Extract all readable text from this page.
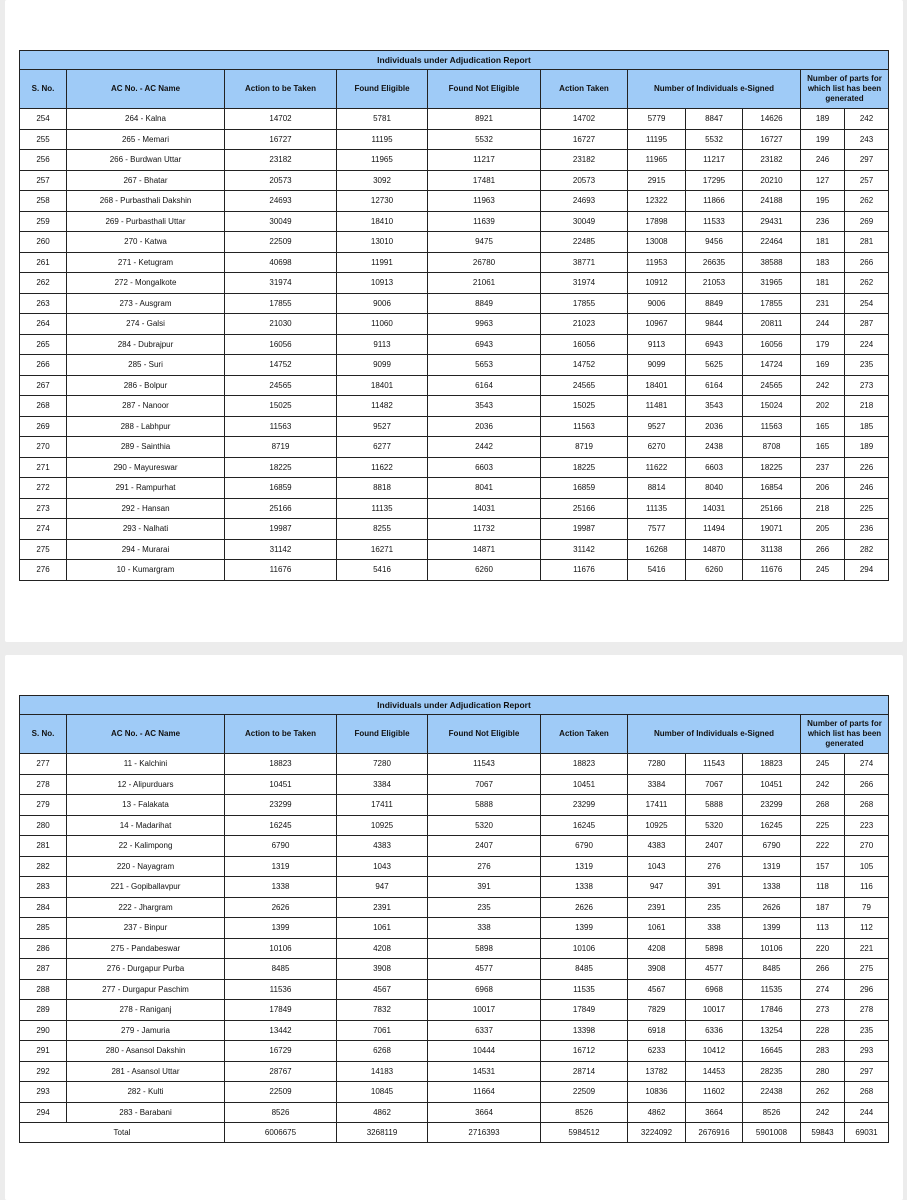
Individuals under Adjudication Report										
S. No.	AC No. - AC Name	Action to be Taken	Found Eligible	Found Not Eligible	Action Taken	Number of Individuals e-Signed			Number of parts for which list has been generated	
254	264 - Kalna	14702	5781	8921	14702	5779	8847	14626	189	242
255	265 - Memari	16727	11195	5532	16727	11195	5532	16727	199	243
256	266 - Burdwan Uttar	23182	11965	11217	23182	11965	11217	23182	246	297
257	267 - Bhatar	20573	3092	17481	20573	2915	17295	20210	127	257
258	268 - Purbasthali Dakshin	24693	12730	11963	24693	12322	11866	24188	195	262
259	269 - Purbasthali Uttar	30049	18410	11639	30049	17898	11533	29431	236	269
260	270 - Katwa	22509	13010	9475	22485	13008	9456	22464	181	281
261	271 - Ketugram	40698	11991	26780	38771	11953	26635	38588	183	266
262	272 - Mongalkote	31974	10913	21061	31974	10912	21053	31965	181	262
263	273 - Ausgram	17855	9006	8849	17855	9006	8849	17855	231	254
264	274 - Galsi	21030	11060	9963	21023	10967	9844	20811	244	287
265	284 - Dubrajpur	16056	9113	6943	16056	9113	6943	16056	179	224
266	285 - Suri	14752	9099	5653	14752	9099	5625	14724	169	235
267	286 - Bolpur	24565	18401	6164	24565	18401	6164	24565	242	273
268	287 - Nanoor	15025	11482	3543	15025	11481	3543	15024	202	218
269	288 - Labhpur	11563	9527	2036	11563	9527	2036	11563	165	185
270	289 - Sainthia	8719	6277	2442	8719	6270	2438	8708	165	189
271	290 - Mayureswar	18225	11622	6603	18225	11622	6603	18225	237	226
272	291 - Rampurhat	16859	8818	8041	16859	8814	8040	16854	206	246
273	292 - Hansan	25166	11135	14031	25166	11135	14031	25166	218	225
274	293 - Nalhati	19987	8255	11732	19987	7577	11494	19071	205	236
275	294 - Murarai	31142	16271	14871	31142	16268	14870	31138	266	282
276	10 - Kumargram	11676	5416	6260	11676	5416	6260	11676	245	294
Individuals under Adjudication Report										
S. No.	AC No. - AC Name	Action to be Taken	Found Eligible	Found Not Eligible	Action Taken	Number of Individuals e-Signed			Number of parts for which list has been generated	
277	11 - Kalchini	18823	7280	11543	18823	7280	11543	18823	245	274
278	12 - Alipurduars	10451	3384	7067	10451	3384	7067	10451	242	266
279	13 - Falakata	23299	17411	5888	23299	17411	5888	23299	268	268
280	14 - Madarihat	16245	10925	5320	16245	10925	5320	16245	225	223
281	22 - Kalimpong	6790	4383	2407	6790	4383	2407	6790	222	270
282	220 - Nayagram	1319	1043	276	1319	1043	276	1319	157	105
283	221 - Gopiballavpur	1338	947	391	1338	947	391	1338	118	116
284	222 - Jhargram	2626	2391	235	2626	2391	235	2626	187	79
285	237 - Binpur	1399	1061	338	1399	1061	338	1399	113	112
286	275 - Pandabeswar	10106	4208	5898	10106	4208	5898	10106	220	221
287	276 - Durgapur Purba	8485	3908	4577	8485	3908	4577	8485	266	275
288	277 - Durgapur Paschim	11536	4567	6968	11535	4567	6968	11535	274	296
289	278 - Raniganj	17849	7832	10017	17849	7829	10017	17846	273	278
290	279 - Jamuria	13442	7061	6337	13398	6918	6336	13254	228	235
291	280 - Asansol Dakshin	16729	6268	10444	16712	6233	10412	16645	283	293
292	281 - Asansol Uttar	28767	14183	14531	28714	13782	14453	28235	280	297
293	282 - Kulti	22509	10845	11664	22509	10836	11602	22438	262	268
294	283 - Barabani	8526	4862	3664	8526	4862	3664	8526	242	244
Total		6006675	3268119	2716393	5984512	3224092	2676916	5901008	59843	69031
